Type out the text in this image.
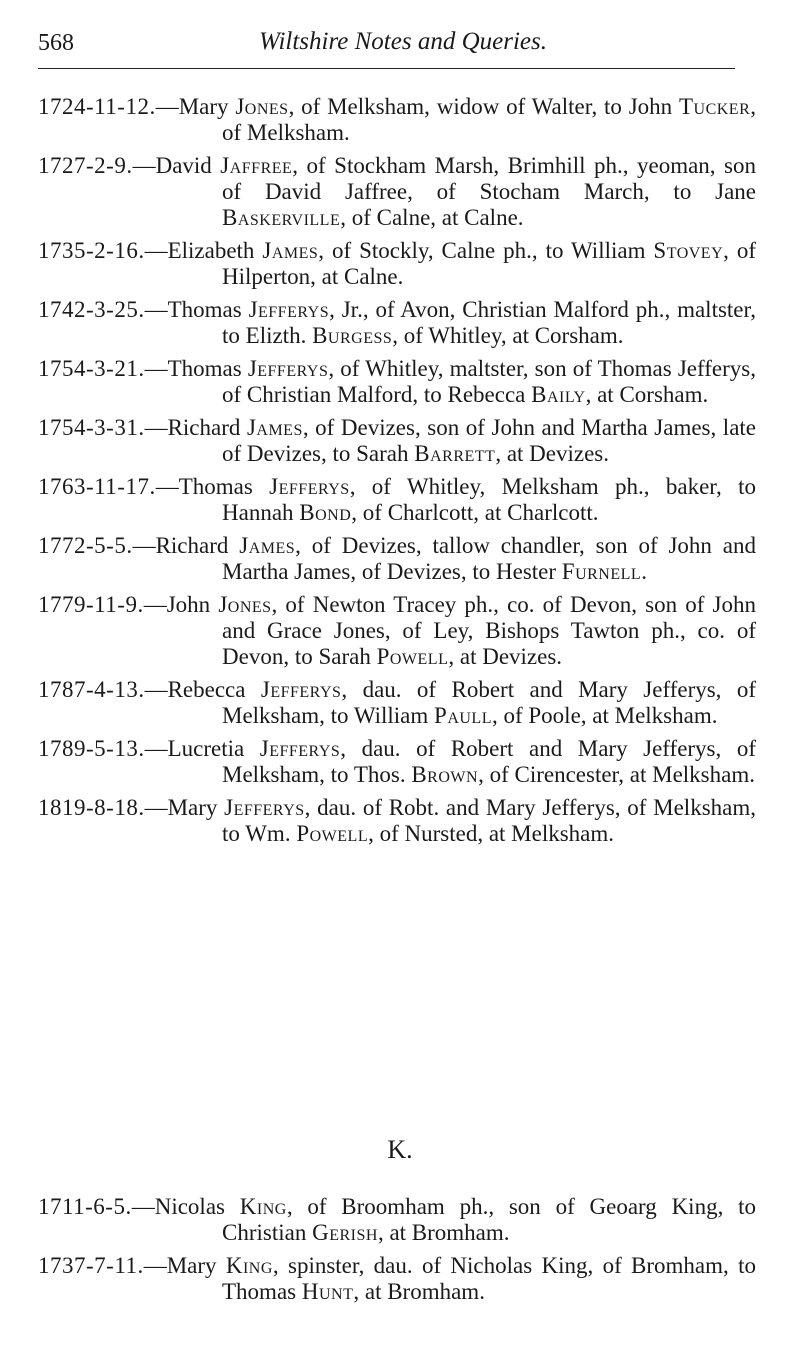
568	Wiltshire Notes and Queries.

1724-11-12.—Mary Jones, of Melksham, widow of Walter, to John Tucker, of Melksham.

1727-2-9.—David Jaffree, of Stockham Marsh, Brimhill ph., yeoman, son of David Jaffree, of Stocham March, to Jane Baskerville, of Calne, at Calne.

1735-2-16.—Elizabeth James, of Stockly, Calne ph., to William Stovey, of Hilperton, at Calne.

1742-3-25.—Thomas Jefferys, Jr., of Avon, Christian Malford ph., maltster, to Elizth. Burgess, of Whitley, at Corsham.

1754-3-21.—Thomas Jefferys, of Whitley, maltster, son of Thomas Jefferys, of Christian Malford, to Rebecca Baily, at Corsham.

1754-3-31.—Richard James, of Devizes, son of John and Martha James, late of Devizes, to Sarah Barrett, at Devizes.

1763-11-17.—Thomas Jefferys, of Whitley, Melksham ph., baker, to Hannah Bond, of Charlcott, at Charlcott.

1772-5-5.—Richard James, of Devizes, tallow chandler, son of John and Martha James, of Devizes, to Hester Furnell.

1779-11-9.—John Jones, of Newton Tracey ph., co. of Devon, son of John and Grace Jones, of Ley, Bishops Tawton ph., co. of Devon, to Sarah Powell, at Devizes.

1787-4-13.—Rebecca Jefferys, dau. of Robert and Mary Jefferys, of Melksham, to William Paull, of Poole, at Melksham.

1789-5-13.—Lucretia Jefferys, dau. of Robert and Mary Jefferys, of Melksham, to Thos. Brown, of Cirencester, at Melksham.

1819-8-18.—Mary Jefferys, dau. of Robt. and Mary Jefferys, of Melksham, to Wm. Powell, of Nursted, at Melksham.

K.

1711-6-5.—Nicolas King, of Broomham ph., son of Geoarg King, to Christian Gerish, at Bromham.

1737-7-11.—Mary King, spinster, dau. of Nicholas King, of Bromham, to Thomas Hunt, at Bromham.
